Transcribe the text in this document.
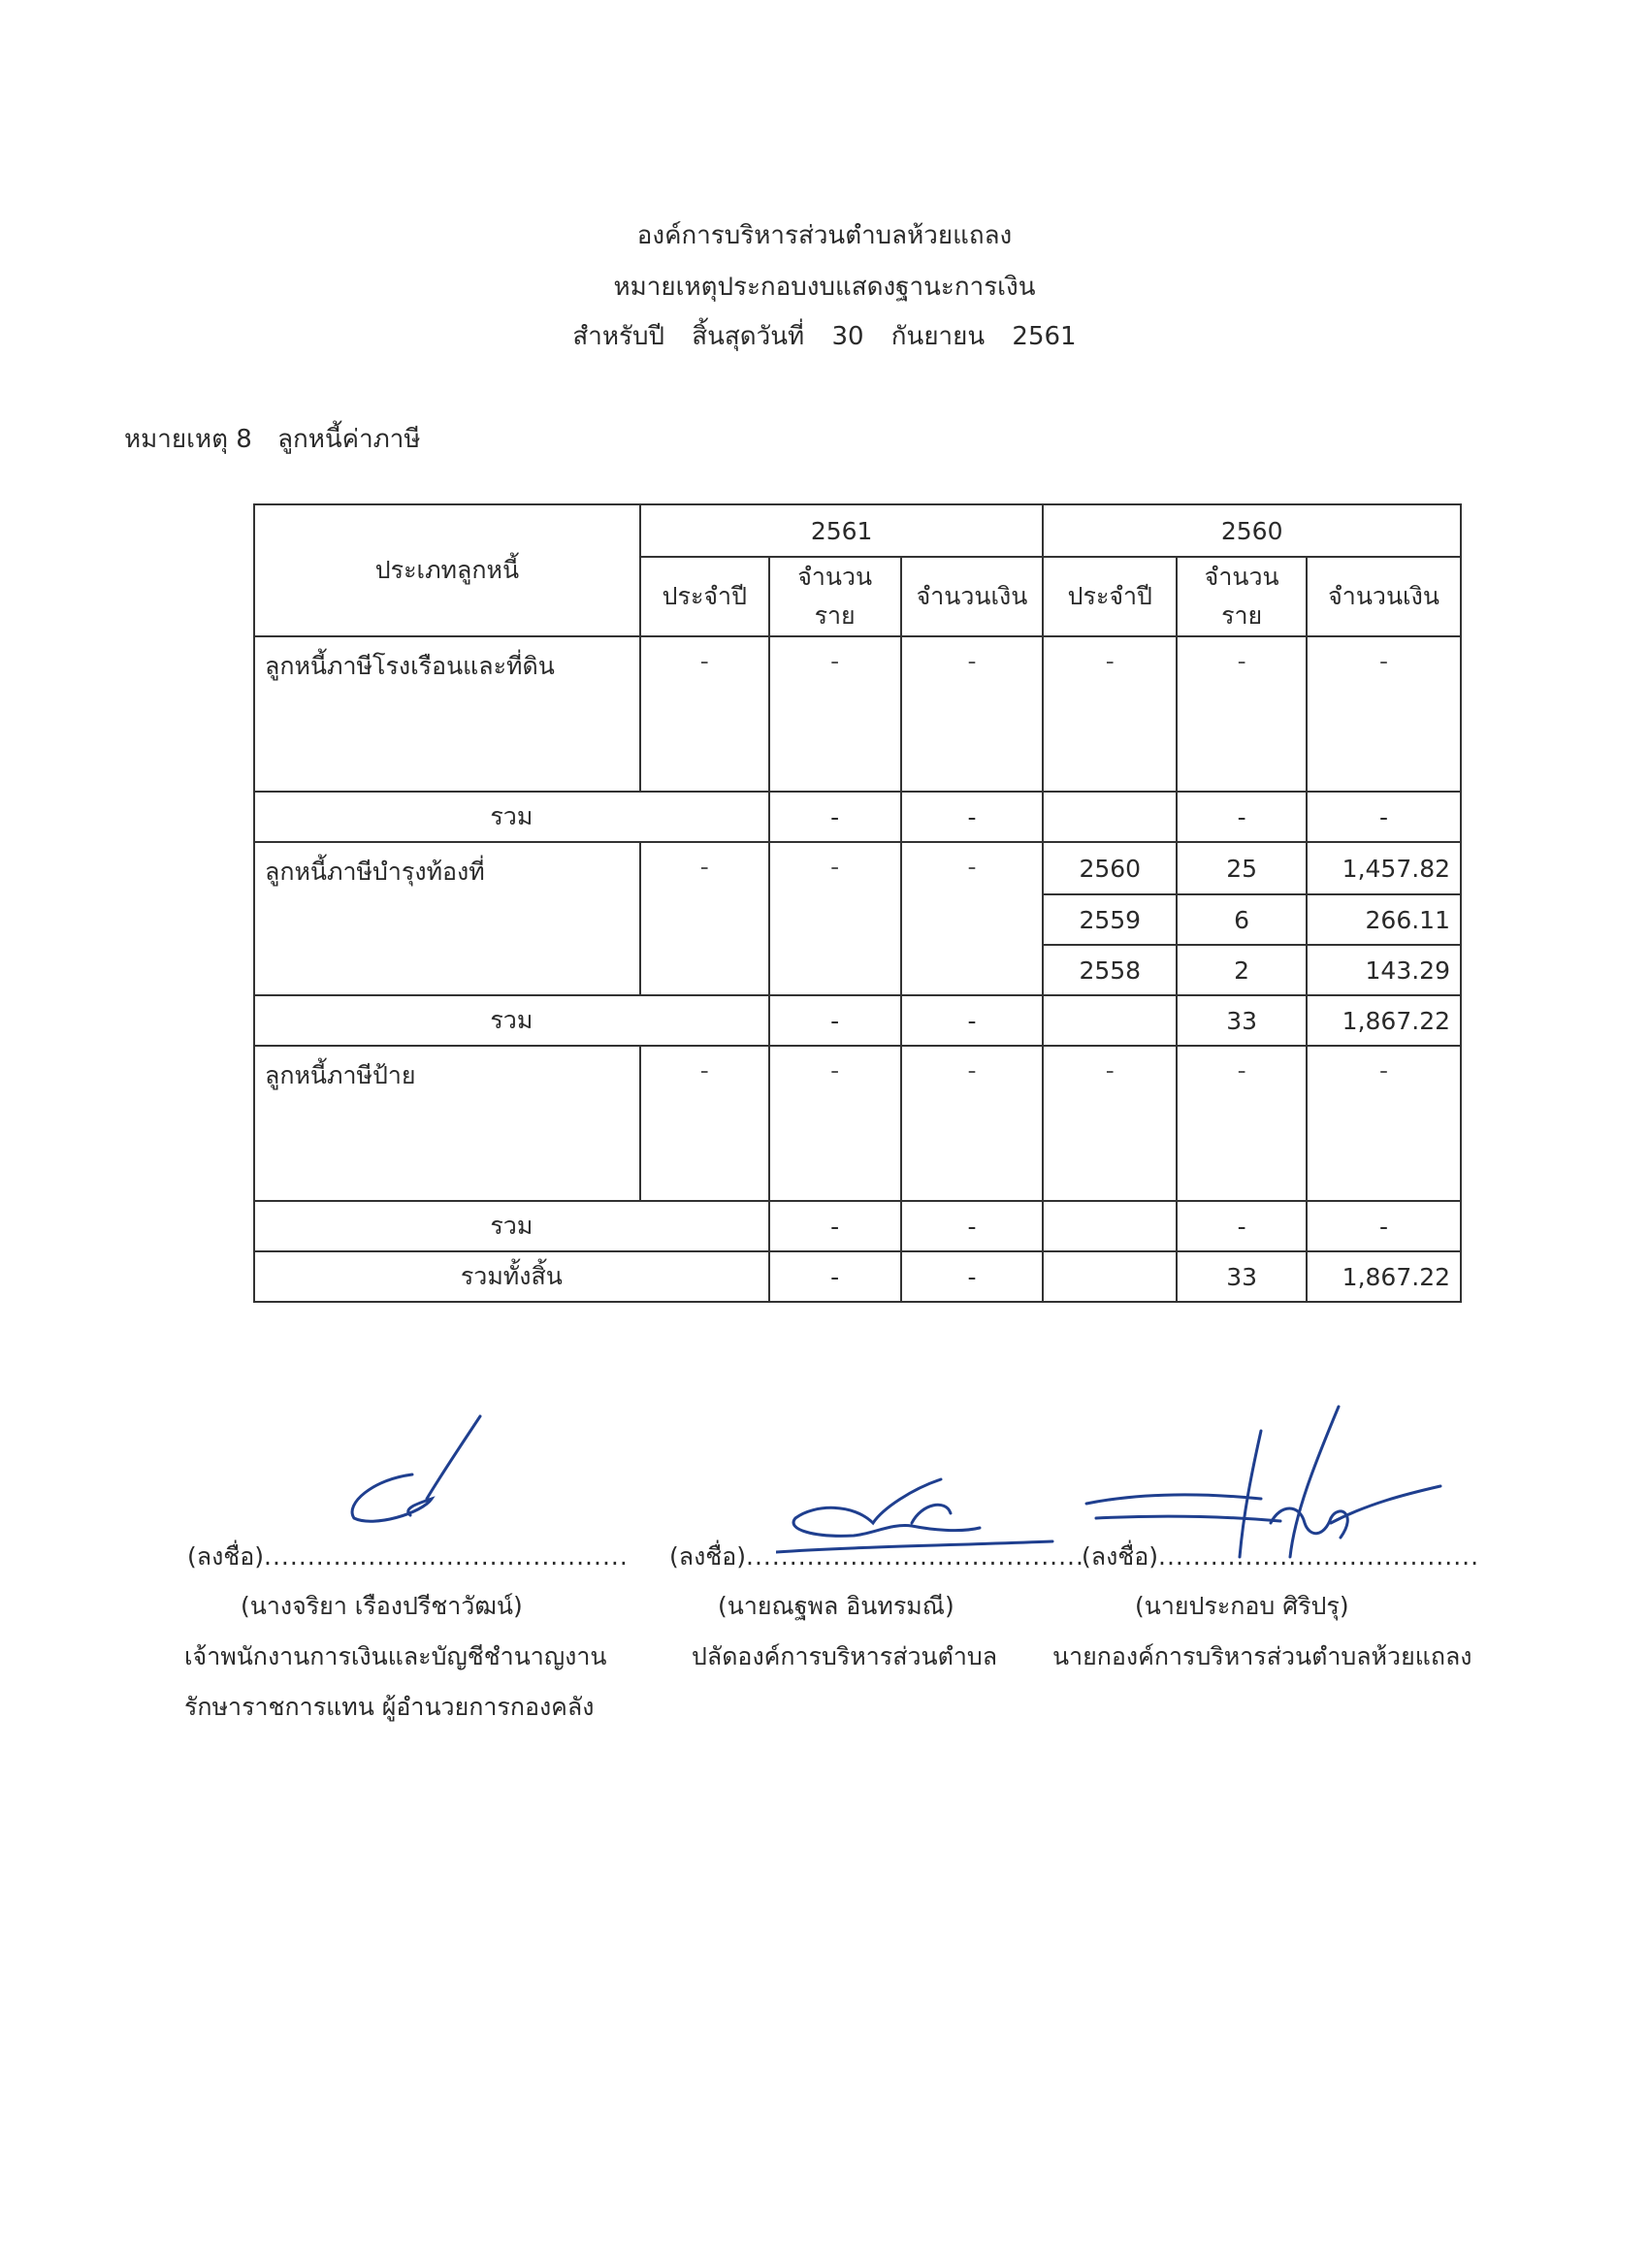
องค์การบริหารส่วนตำบลห้วยแถลง
หมายเหตุประกอบงบแสดงฐานะการเงิน
สำหรับปี สิ้นสุดวันที่ 30 กันยายน 2561
หมายเหตุ 8 ลูกหนี้ค่าภาษี
ประเภทลูกหนี้	2561			2560		
	ประจำปี	จำนวนราย	จำนวนเงิน	ประจำปี	จำนวนราย	จำนวนเงิน
ลูกหนี้ภาษีโรงเรือนและที่ดิน	-	-	-	-	-	-
รวม		-	-		-	-
ลูกหนี้ภาษีบำรุงท้องที่	-	-	-	2560	25	1,457.82
				2559	6	266.11
				2558	2	143.29
รวม		-	-		33	1,867.22
ลูกหนี้ภาษีป้าย	-	-	-	-	-	-
รวม		-	-		-	-
รวมทั้งสิ้น		-	-		33	1,867.22
(ลงชื่อ)..........................................
(นางจริยา เรืองปรีชาวัฒน์)
เจ้าพนักงานการเงินและบัญชีชำนาญงาน
รักษาราชการแทน ผู้อำนวยการกองคลัง
(ลงชื่อ).......................................
(นายณฐพล อินทรมณี)
ปลัดองค์การบริหารส่วนตำบล
(ลงชื่อ).....................................
(นายประกอบ ศิริปรุ)
นายกองค์การบริหารส่วนตำบลห้วยแถลง
